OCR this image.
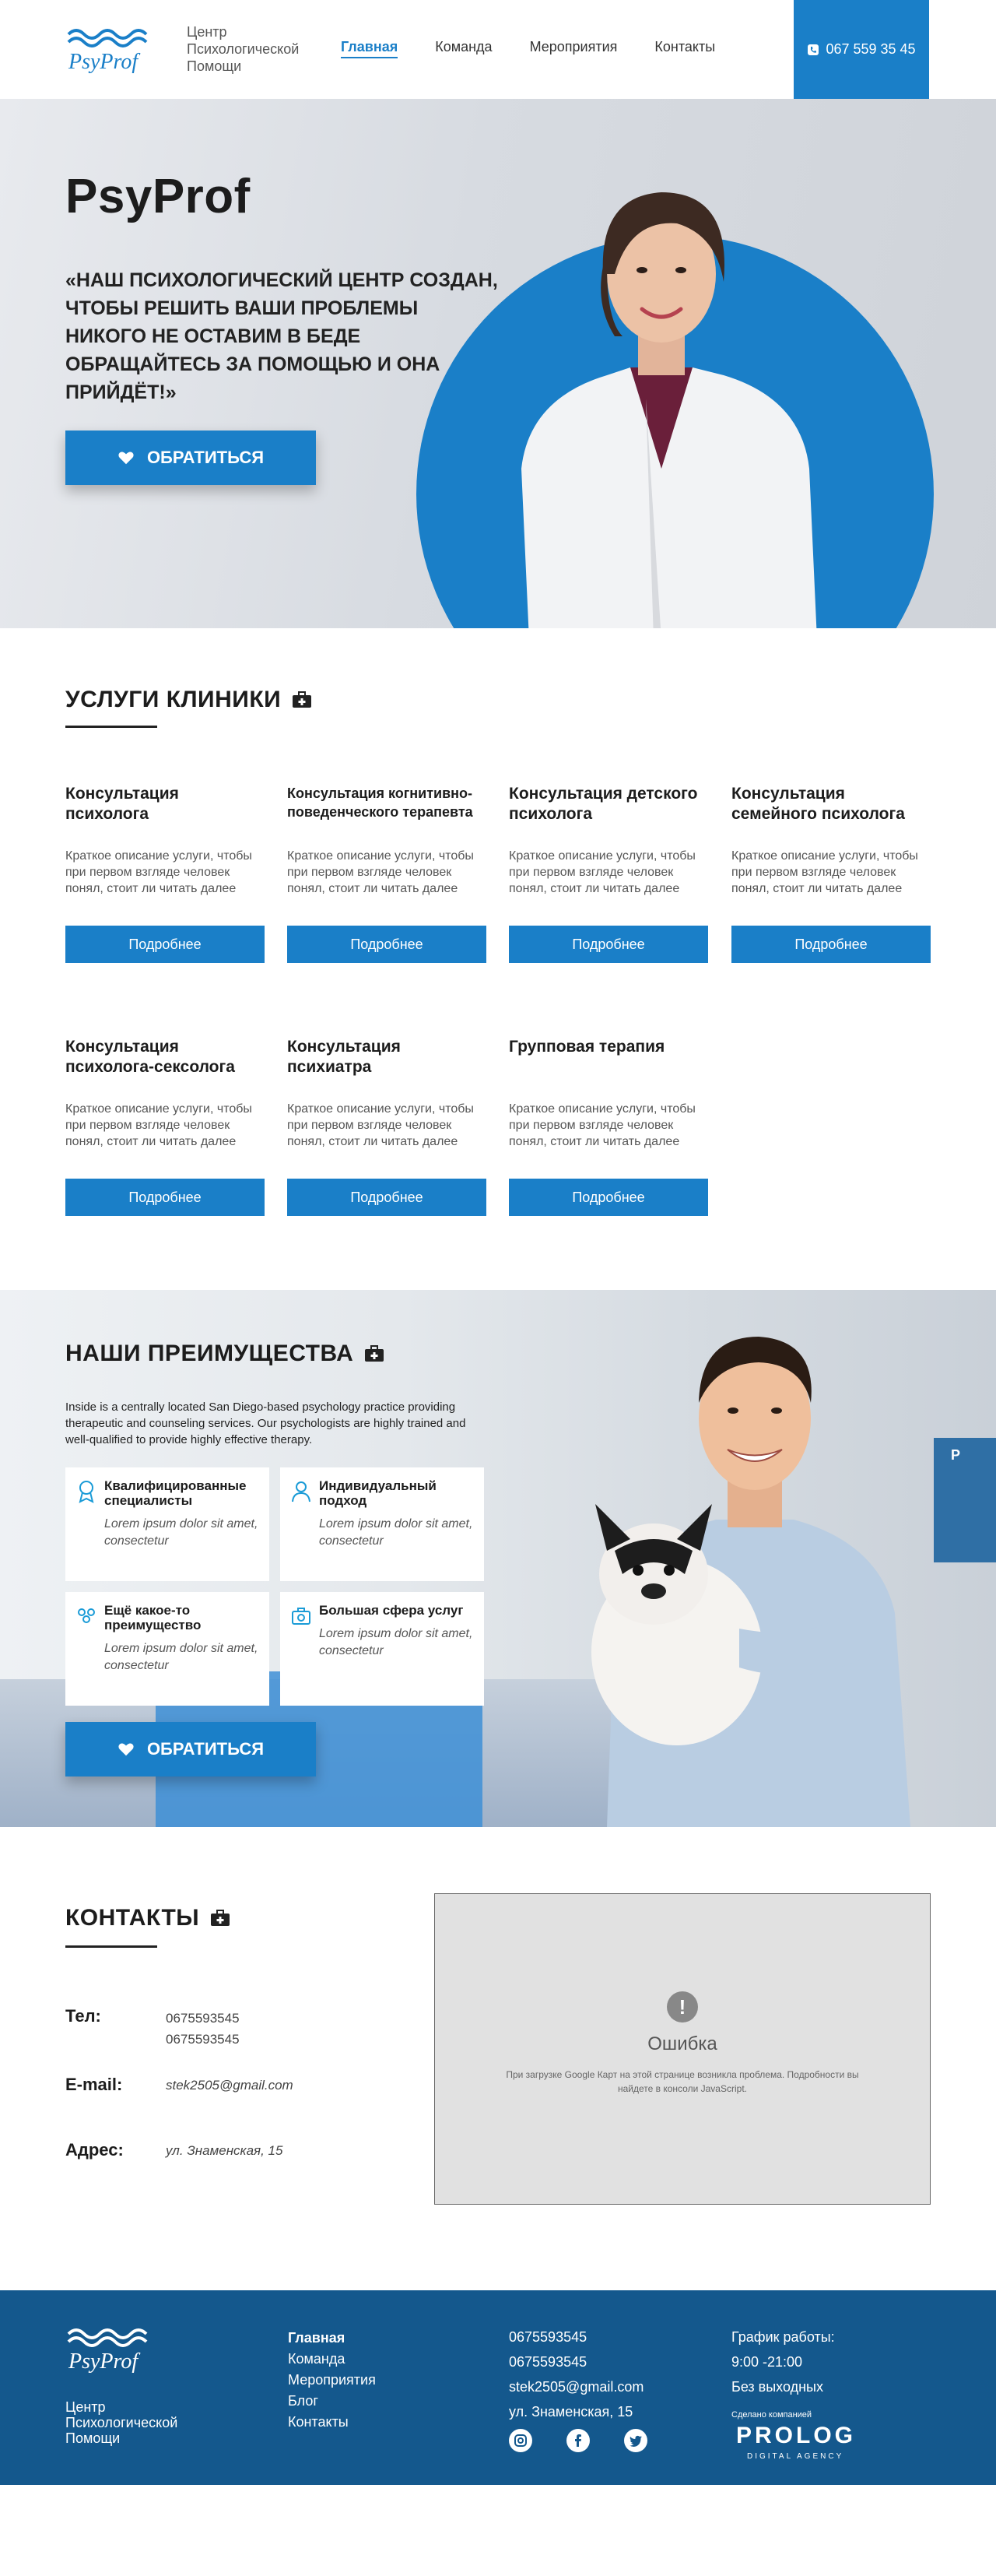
PsyProf
Центр Психологической Помощи
Главная	Команда	Мероприятия	Контакты	067 559 35 45
PsyProf

«НАШ ПСИХОЛОГИЧЕСКИЙ ЦЕНТР СОЗДАН, ЧТОБЫ РЕШИТЬ ВАШИ ПРОБЛЕМЫ НИКОГО НЕ ОСТАВИМ В БЕДЕ ОБРАЩАЙТЕСЬ ЗА ПОМОЩЬЮ И ОНА ПРИЙДЁТ!»

ОБРАТИТЬСЯ
УСЛУГИ КЛИНИКИ
Консультация психолога
Краткое описание услуги, чтобы при первом взгляде человек понял, стоит ли читать далее
Подробнее
Консультация когнитивно-поведенческого терапевта
Краткое описание услуги, чтобы при первом взгляде человек понял, стоит ли читать далее
Подробнее
Консультация детского психолога
Краткое описание услуги, чтобы при первом взгляде человек понял, стоит ли читать далее
Подробнее
Консультация семейного психолога
Краткое описание услуги, чтобы при первом взгляде человек понял, стоит ли читать далее
Подробнее
Консультация психолога-сексолога
Краткое описание услуги, чтобы при первом взгляде человек понял, стоит ли читать далее
Подробнее
Консультация психиатра
Краткое описание услуги, чтобы при первом взгляде человек понял, стоит ли читать далее
Подробнее
Групповая терапия
Краткое описание услуги, чтобы при первом взгляде человек понял, стоит ли читать далее
Подробнее
P
НАШИ ПРЕИМУЩЕСТВА

Inside is a centrally located San Diego-based psychology practice providing therapeutic and counseling services. Our psychologists are highly trained and well-qualified to provide highly effective therapy.

Квалифицированные специалисты
Lorem ipsum dolor sit amet, consectetur
Индивидуальный подход
Lorem ipsum dolor sit amet, consectetur
Ещё какое-то преимущество
Lorem ipsum dolor sit amet, consectetur
Большая сфера услуг
Lorem ipsum dolor sit amet, consectetur
ОБРАТИТЬСЯ
КОНТАКТЫ
Тел:	0675593545
0675593545
E-mail:	stek2505@gmail.com
Адрес:	ул. Знаменская, 15
!
Ошибка
При загрузке Google Карт на этой странице возникла проблема. Подробности вы найдете в консоли JavaScript.
PsyProf
Центр Психологической Помощи
Главная
Команда
Мероприятия
Блог
Контакты
0675593545
0675593545
stek2505@gmail.com
ул. Знаменская, 15
График работы:
9:00 -21:00
Без выходных
Сделано компанией
PROLOG
DIGITAL AGENCY
